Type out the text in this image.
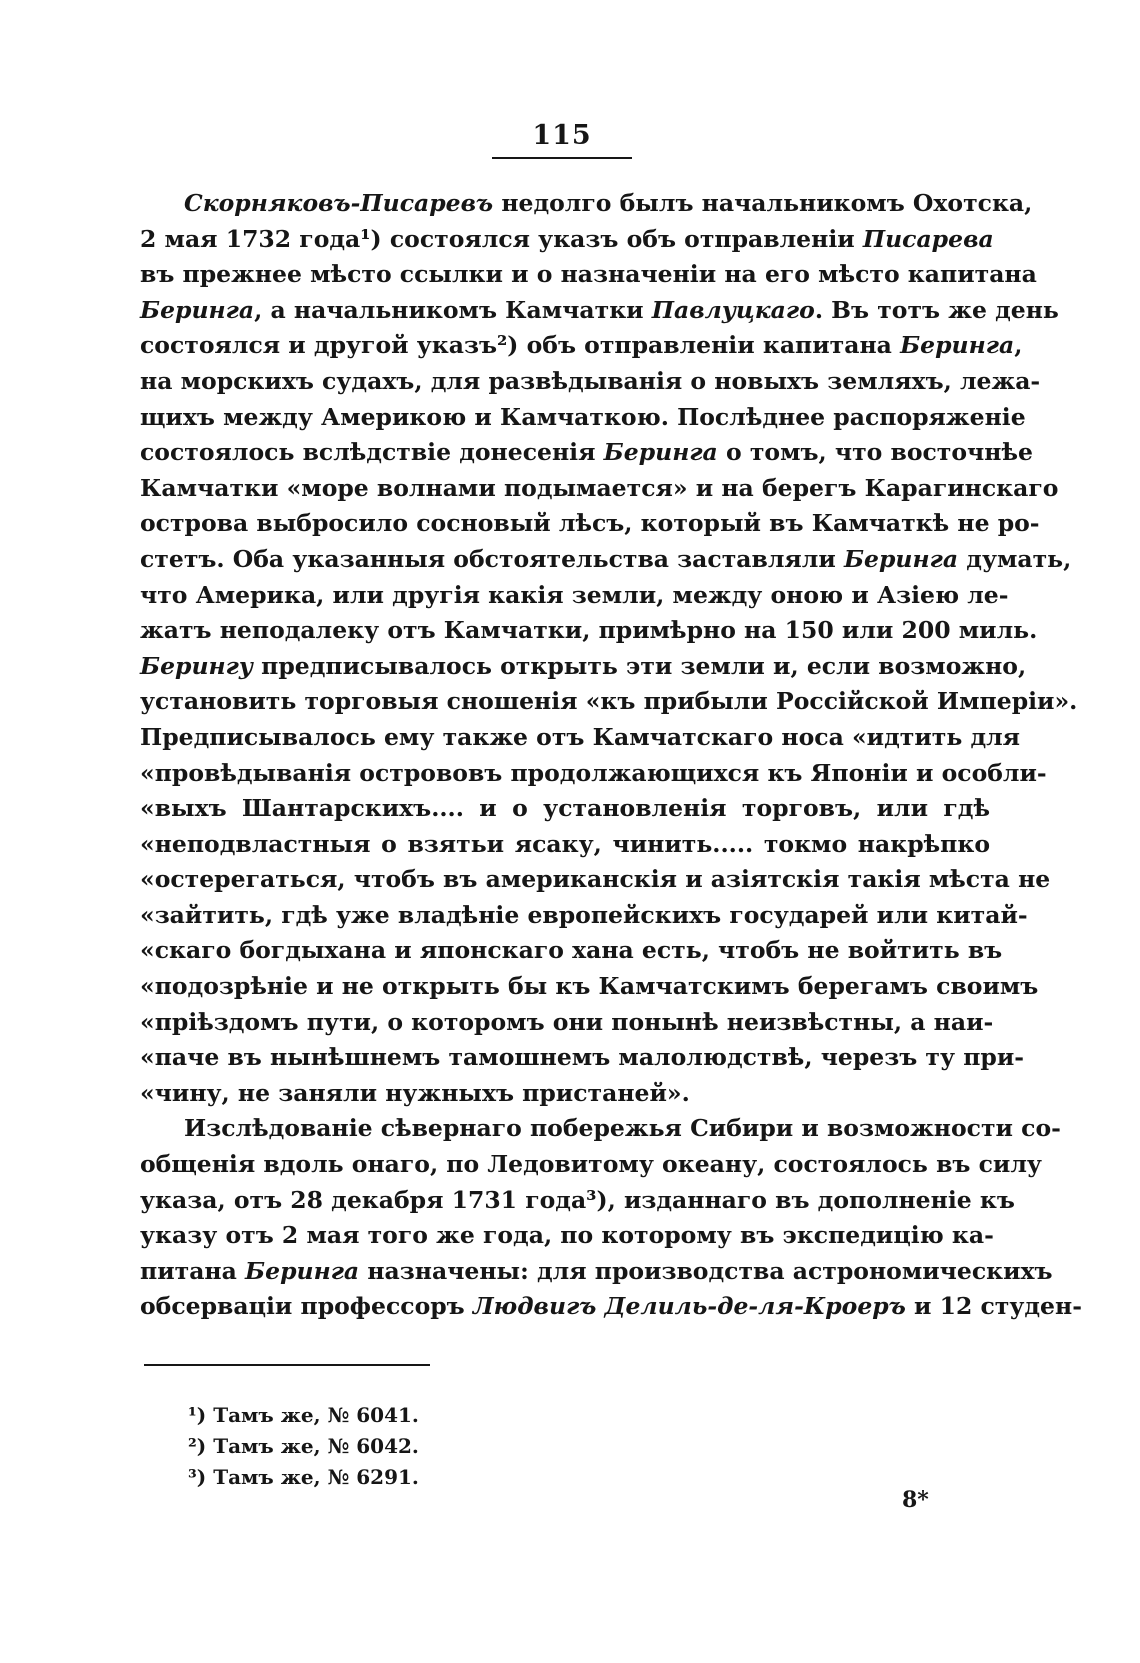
115
Скорняковъ-Писаревъ недолго былъ начальникомъ Охотска,
2 мая 1732 года¹) состоялся указъ объ отправленіи Писарева
въ прежнее мѣсто ссылки и о назначеніи на его мѣсто капитана
Беринга, а начальникомъ Камчатки Павлуцкаго. Въ тотъ же день
состоялся и другой указъ²) объ отправленіи капитана Беринга,
на морскихъ судахъ, для развѣдыванія о новыхъ земляхъ, лежа-
щихъ между Америкою и Камчаткою. Послѣднее распоряженіе
состоялось вслѣдствіе донесенія Беринга о томъ, что восточнѣе
Камчатки «море волнами подымается» и на берегъ Карагинскаго
острова выбросило сосновый лѣсъ, который въ Камчаткѣ не ро-
стетъ. Оба указанныя обстоятельства заставляли Беринга думать,
что Америка, или другія какія земли, между оною и Азіею ле-
жатъ неподалеку отъ Камчатки, примѣрно на 150 или 200 миль.
Берингу предписывалось открыть эти земли и, если возможно,
установить торговыя сношенія «къ прибыли Россійской Имперіи».
Предписывалось ему также отъ Камчатскаго носа «идтить для
«провѣдыванія острововъ продолжающихся къ Японіи и особли-
«выхъ Шантарскихъ.... и о установленія торговъ, или гдѣ
«неподвластныя о взятьи ясаку, чинить..... токмо накрѣпко
«остерегаться, чтобъ въ американскія и азіятскія такія мѣста не
«зайтить, гдѣ уже владѣніе европейскихъ государей или китай-
«скаго богдыхана и японскаго хана есть, чтобъ не войтить въ
«подозрѣніе и не открыть бы къ Камчатскимъ берегамъ своимъ
«пріѣздомъ пути, о которомъ они понынѣ неизвѣстны, а наи-
«паче въ нынѣшнемъ тамошнемъ малолюдствѣ, черезъ ту при-
«чину, не заняли нужныхъ пристаней».
Изслѣдованіе сѣвернаго побережья Сибири и возможности со-
общенія вдоль онаго, по Ледовитому океану, состоялось въ силу
указа, отъ 28 декабря 1731 года³), изданнаго въ дополненіе къ
указу отъ 2 мая того же года, по которому въ экспедицію ка-
питана Беринга назначены: для производства астрономическихъ
обсерваціи профессоръ Людвигъ Делиль-де-ля-Кроеръ и 12 студен-
¹) Тамъ же, № 6041.
²) Тамъ же, № 6042.
³) Тамъ же, № 6291.
8*
